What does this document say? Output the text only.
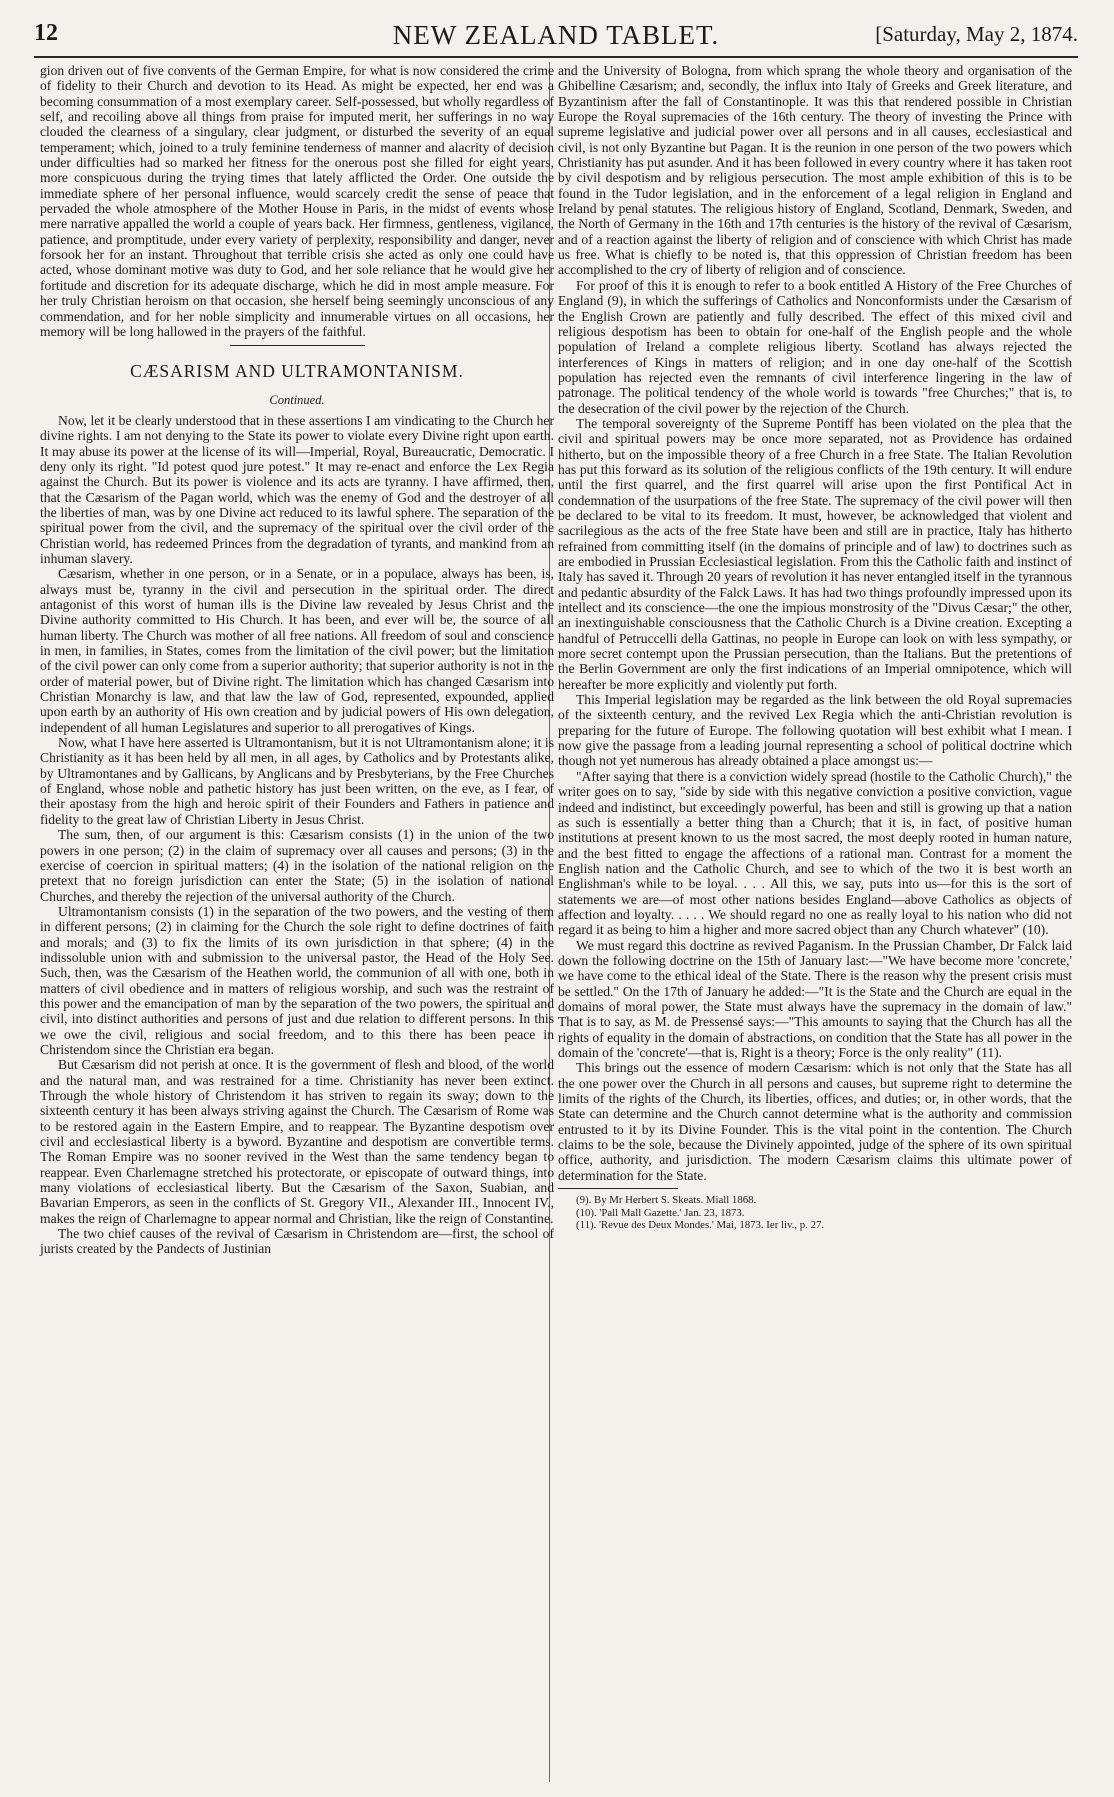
12	NEW ZEALAND TABLET.	[Saturday, May 2, 1874.

gion driven out of five convents of the German Empire, for what is now considered the crime of fidelity to their Church and devotion to its Head. As might be expected, her end was a becoming consummation of a most exemplary career. Self-possessed, but wholly regardless of self, and recoiling above all things from praise for imputed merit, her sufferings in no way clouded the clearness of a singulary, clear judgment, or disturbed the severity of an equal temperament; which, joined to a truly feminine tenderness of manner and alacrity of decision under difficulties had so marked her fitness for the onerous post she filled for eight years, more conspicuous during the trying times that lately afflicted the Order. One outside the immediate sphere of her personal influence, would scarcely credit the sense of peace that pervaded the whole atmosphere of the Mother House in Paris, in the midst of events whose mere narrative appalled the world a couple of years back. Her firmness, gentleness, vigilance, patience, and promptitude, under every variety of perplexity, responsibility and danger, never forsook her for an instant. Throughout that terrible crisis she acted as only one could have acted, whose dominant motive was duty to God, and her sole reliance that he would give her fortitude and discretion for its adequate discharge, which he did in most ample measure. For her truly Christian heroism on that occasion, she herself being seemingly unconscious of any commendation, and for her noble simplicity and innumerable virtues on all occasions, her memory will be long hallowed in the prayers of the faithful.

CÆSARISM AND ULTRAMONTANISM.
Continued.

Now, let it be clearly understood that in these assertions I am vindicating to the Church her divine rights. I am not denying to the State its power to violate every Divine right upon earth. It may abuse its power at the license of its will—Imperial, Royal, Bureaucratic, Democratic. I deny only its right. "Id potest quod jure potest." It may re-enact and enforce the Lex Regia against the Church. But its power is violence and its acts are tyranny. I have affirmed, then, that the Cæsarism of the Pagan world, which was the enemy of God and the destroyer of all the liberties of man, was by one Divine act reduced to its lawful sphere. The separation of the spiritual power from the civil, and the supremacy of the spiritual over the civil order of the Christian world, has redeemed Princes from the degradation of tyrants, and mankind from an inhuman slavery.

Cæsarism, whether in one person, or in a Senate, or in a populace, always has been, is, always must be, tyranny in the civil and persecution in the spiritual order. The direct antagonist of this worst of human ills is the Divine law revealed by Jesus Christ and the Divine authority committed to His Church. It has been, and ever will be, the source of all human liberty. The Church was mother of all free nations. All freedom of soul and conscience in men, in families, in States, comes from the limitation of the civil power; but the limitation of the civil power can only come from a superior authority; that superior authority is not in the order of material power, but of Divine right. The limitation which has changed Cæsarism into Christian Monarchy is law, and that law the law of God, represented, expounded, applied upon earth by an authority of His own creation and by judicial powers of His own delegation, independent of all human Legislatures and superior to all prerogatives of Kings.

Now, what I have here asserted is Ultramontanism, but it is not Ultramontanism alone; it is Christianity as it has been held by all men, in all ages, by Catholics and by Protestants alike, by Ultramontanes and by Gallicans, by Anglicans and by Presbyterians, by the Free Churches of England, whose noble and pathetic history has just been written, on the eve, as I fear, of their apostasy from the high and heroic spirit of their Founders and Fathers in patience and fidelity to the great law of Christian Liberty in Jesus Christ.

The sum, then, of our argument is this: Cæsarism consists (1) in the union of the two powers in one person; (2) in the claim of supremacy over all causes and persons; (3) in the exercise of coercion in spiritual matters; (4) in the isolation of the national religion on the pretext that no foreign jurisdiction can enter the State; (5) in the isolation of national Churches, and thereby the rejection of the universal authority of the Church.

Ultramontanism consists (1) in the separation of the two powers, and the vesting of them in different persons; (2) in claiming for the Church the sole right to define doctrines of faith and morals; and (3) to fix the limits of its own jurisdiction in that sphere; (4) in the indissoluble union with and submission to the universal pastor, the Head of the Holy See. Such, then, was the Cæsarism of the Heathen world, the communion of all with one, both in matters of civil obedience and in matters of religious worship, and such was the restraint of this power and the emancipation of man by the separation of the two powers, the spiritual and civil, into distinct authorities and persons of just and due relation to different persons. In this we owe the civil, religious and social freedom, and to this there has been peace in Christendom since the Christian era began.

But Cæsarism did not perish at once. It is the government of flesh and blood, of the world and the natural man, and was restrained for a time. Christianity has never been extinct. Through the whole history of Christendom it has striven to regain its sway; down to the sixteenth century it has been always striving against the Church. The Cæsarism of Rome was to be restored again in the Eastern Empire, and to reappear. The Byzantine despotism over civil and ecclesiastical liberty is a byword. Byzantine and despotism are convertible terms. The Roman Empire was no sooner revived in the West than the same tendency began to reappear. Even Charlemagne stretched his protectorate, or episcopate of outward things, into many violations of ecclesiastical liberty. But the Cæsarism of the Saxon, Suabian, and Bavarian Emperors, as seen in the conflicts of St. Gregory VII., Alexander III., Innocent IV., makes the reign of Charlemagne to appear normal and Christian, like the reign of Constantine.

The two chief causes of the revival of Cæsarism in Christendom are—first, the school of jurists created by the Pandects of Justinian

and the University of Bologna, from which sprang the whole theory and organisation of the Ghibelline Cæsarism; and, secondly, the influx into Italy of Greeks and Greek literature, and Byzantinism after the fall of Constantinople. It was this that rendered possible in Christian Europe the Royal supremacies of the 16th century. The theory of investing the Prince with supreme legislative and judicial power over all persons and in all causes, ecclesiastical and civil, is not only Byzantine but Pagan. It is the reunion in one person of the two powers which Christianity has put asunder. And it has been followed in every country where it has taken root by civil despotism and by religious persecution. The most ample exhibition of this is to be found in the Tudor legislation, and in the enforcement of a legal religion in England and Ireland by penal statutes. The religious history of England, Scotland, Denmark, Sweden, and the North of Germany in the 16th and 17th centuries is the history of the revival of Cæsarism, and of a reaction against the liberty of religion and of conscience with which Christ has made us free. What is chiefly to be noted is, that this oppression of Christian freedom has been accomplished to the cry of liberty of religion and of conscience.

For proof of this it is enough to refer to a book entitled A History of the Free Churches of England (9), in which the sufferings of Catholics and Nonconformists under the Cæsarism of the English Crown are patiently and fully described. The effect of this mixed civil and religious despotism has been to obtain for one-half of the English people and the whole population of Ireland a complete religious liberty. Scotland has always rejected the interferences of Kings in matters of religion; and in one day one-half of the Scottish population has rejected even the remnants of civil interference lingering in the law of patronage. The political tendency of the whole world is towards "free Churches;" that is, to the desecration of the civil power by the rejection of the Church.

The temporal sovereignty of the Supreme Pontiff has been violated on the plea that the civil and spiritual powers may be once more separated, not as Providence has ordained hitherto, but on the impossible theory of a free Church in a free State. The Italian Revolution has put this forward as its solution of the religious conflicts of the 19th century. It will endure until the first quarrel, and the first quarrel will arise upon the first Pontifical Act in condemnation of the usurpations of the free State. The supremacy of the civil power will then be declared to be vital to its freedom. It must, however, be acknowledged that violent and sacrilegious as the acts of the free State have been and still are in practice, Italy has hitherto refrained from committing itself (in the domains of principle and of law) to doctrines such as are embodied in Prussian Ecclesiastical legislation. From this the Catholic faith and instinct of Italy has saved it. Through 20 years of revolution it has never entangled itself in the tyrannous and pedantic absurdity of the Falck Laws. It has had two things profoundly impressed upon its intellect and its conscience—the one the impious monstrosity of the "Divus Cæsar;" the other, an inextinguishable consciousness that the Catholic Church is a Divine creation. Excepting a handful of Petruccelli della Gattinas, no people in Europe can look on with less sympathy, or more secret contempt upon the Prussian persecution, than the Italians. But the pretentions of the Berlin Government are only the first indications of an Imperial omnipotence, which will hereafter be more explicitly and violently put forth.

This Imperial legislation may be regarded as the link between the old Royal supremacies of the sixteenth century, and the revived Lex Regia which the anti-Christian revolution is preparing for the future of Europe. The following quotation will best exhibit what I mean. I now give the passage from a leading journal representing a school of political doctrine which though not yet numerous has already obtained a place amongst us:—

"After saying that there is a conviction widely spread (hostile to the Catholic Church)," the writer goes on to say, "side by side with this negative conviction a positive conviction, vague indeed and indistinct, but exceedingly powerful, has been and still is growing up that a nation as such is essentially a better thing than a Church; that it is, in fact, of positive human institutions at present known to us the most sacred, the most deeply rooted in human nature, and the best fitted to engage the affections of a rational man. Contrast for a moment the English nation and the Catholic Church, and see to which of the two it is best worth an Englishman's while to be loyal. . . . All this, we say, puts into us—for this is the sort of statements we are—of most other nations besides England—above Catholics as objects of affection and loyalty. . . . . We should regard no one as really loyal to his nation who did not regard it as being to him a higher and more sacred object than any Church whatever" (10).

We must regard this doctrine as revived Paganism. In the Prussian Chamber, Dr Falck laid down the following doctrine on the 15th of January last:—"We have become more 'concrete,' we have come to the ethical ideal of the State. There is the reason why the present crisis must be settled." On the 17th of January he added:—"It is the State and the Church are equal in the domains of moral power, the State must always have the supremacy in the domain of law." That is to say, as M. de Pressensé says:—"This amounts to saying that the Church has all the rights of equality in the domain of abstractions, on condition that the State has all power in the domain of the 'concrete'—that is, Right is a theory; Force is the only reality" (11).

This brings out the essence of modern Cæsarism: which is not only that the State has all the one power over the Church in all persons and causes, but supreme right to determine the limits of the rights of the Church, its liberties, offices, and duties; or, in other words, that the State can determine and the Church cannot determine what is the authority and commission entrusted to it by its Divine Founder. This is the vital point in the contention. The Church claims to be the sole, because the Divinely appointed, judge of the sphere of its own spiritual office, authority, and jurisdiction. The modern Cæsarism claims this ultimate power of determination for the State.

(9). By Mr Herbert S. Skeats. Miall 1868.

(10). 'Pall Mall Gazette.' Jan. 23, 1873.

(11). 'Revue des Deux Mondes.' Mai, 1873. Ier liv., p. 27.
